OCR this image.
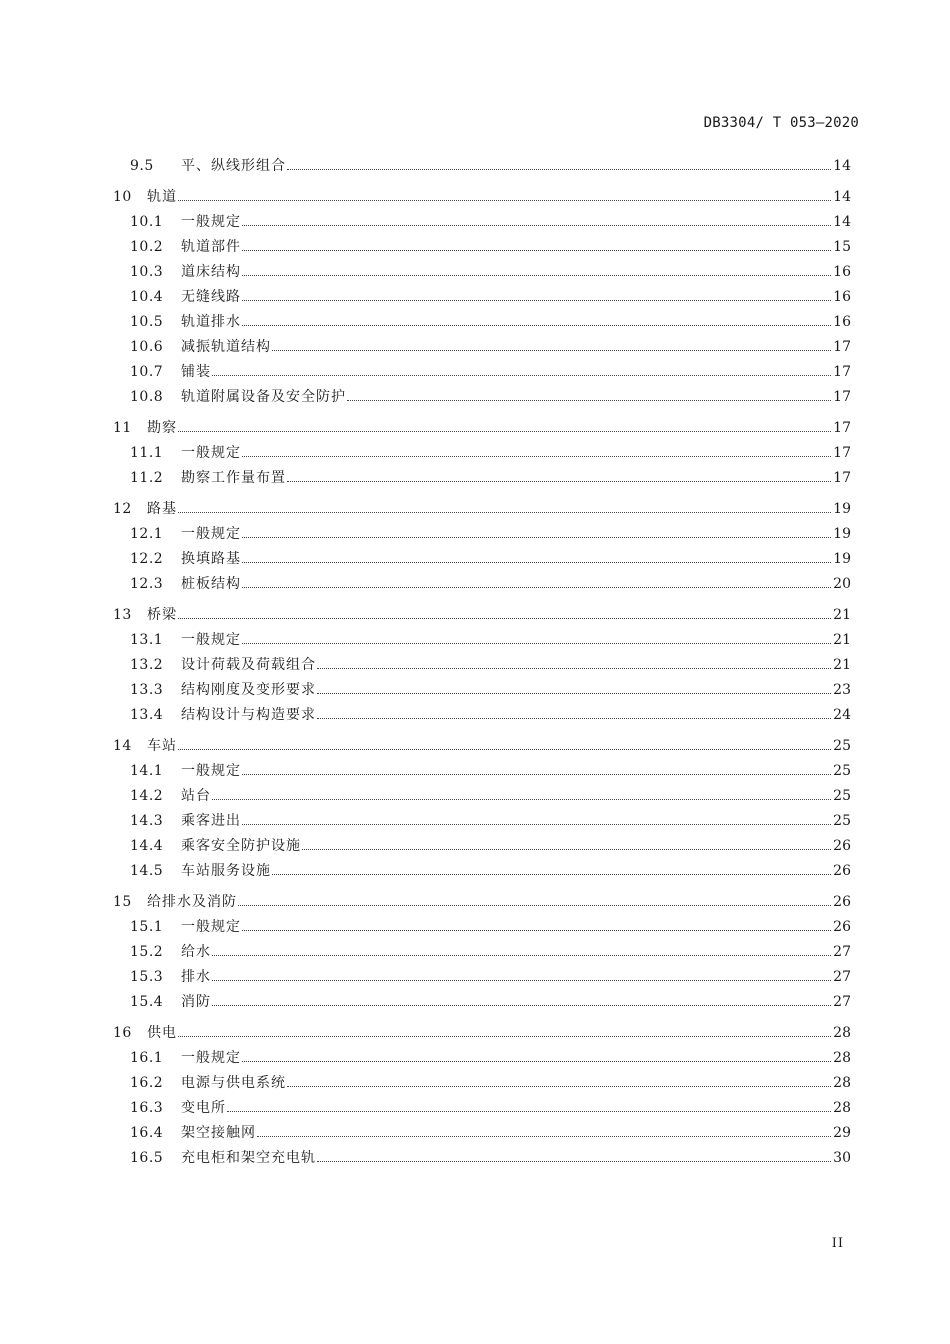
DB3304/ T 053—2020
9.5	平、纵线形组合	14
10	轨道	14
10.1	一般规定	14
10.2	轨道部件	15
10.3	道床结构	16
10.4	无缝线路	16
10.5	轨道排水	16
10.6	减振轨道结构	17
10.7	铺装	17
10.8	轨道附属设备及安全防护	17
11	勘察	17
11.1	一般规定	17
11.2	勘察工作量布置	17
12	路基	19
12.1	一般规定	19
12.2	换填路基	19
12.3	桩板结构	20
13	桥梁	21
13.1	一般规定	21
13.2	设计荷载及荷载组合	21
13.3	结构刚度及变形要求	23
13.4	结构设计与构造要求	24
14	车站	25
14.1	一般规定	25
14.2	站台	25
14.3	乘客进出	25
14.4	乘客安全防护设施	26
14.5	车站服务设施	26
15	给排水及消防	26
15.1	一般规定	26
15.2	给水	27
15.3	排水	27
15.4	消防	27
16	供电	28
16.1	一般规定	28
16.2	电源与供电系统	28
16.3	变电所	28
16.4	架空接触网	29
16.5	充电柜和架空充电轨	30
II
